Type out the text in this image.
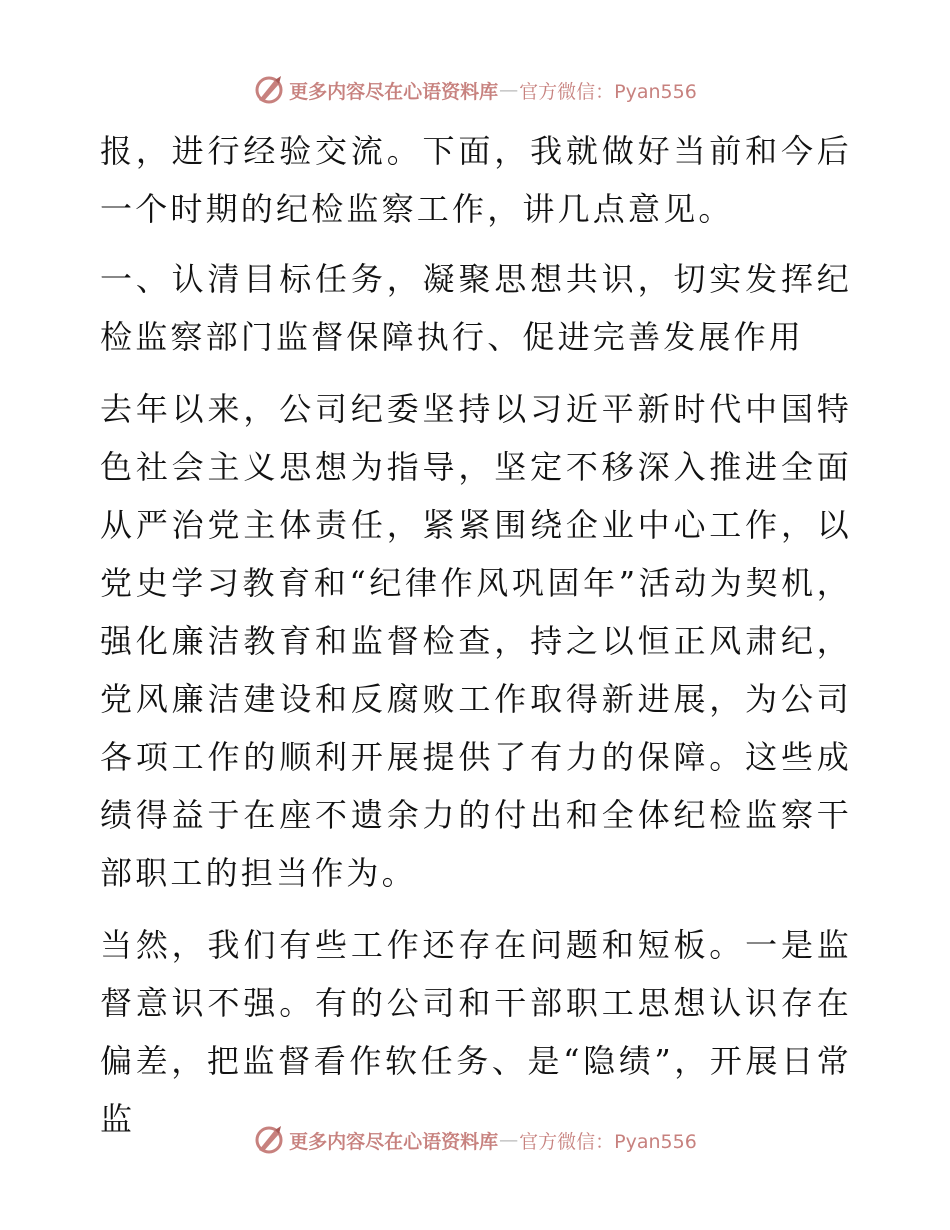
更多内容尽在心语资料库 — 官方微信：Pyan556

报，进行经验交流。下面，我就做好当前和今后一个时期的纪检监察工作，讲几点意见。

一、认清目标任务，凝聚思想共识，切实发挥纪检监察部门监督保障执行、促进完善发展作用

去年以来，公司纪委坚持以习近平新时代中国特色社会主义思想为指导，坚定不移深入推进全面从严治党主体责任，紧紧围绕企业中心工作，以党史学习教育和“纪律作风巩固年”活动为契机，强化廉洁教育和监督检查，持之以恒正风肃纪，党风廉洁建设和反腐败工作取得新进展，为公司各项工作的顺利开展提供了有力的保障。这些成绩得益于在座不遗余力的付出和全体纪检监察干部职工的担当作为。

当然，我们有些工作还存在问题和短板。一是监督意识不强。有的公司和干部职工思想认识存在偏差，把监督看作软任务、是“隐绩”，开展日常监

更多内容尽在心语资料库 — 官方微信：Pyan556
